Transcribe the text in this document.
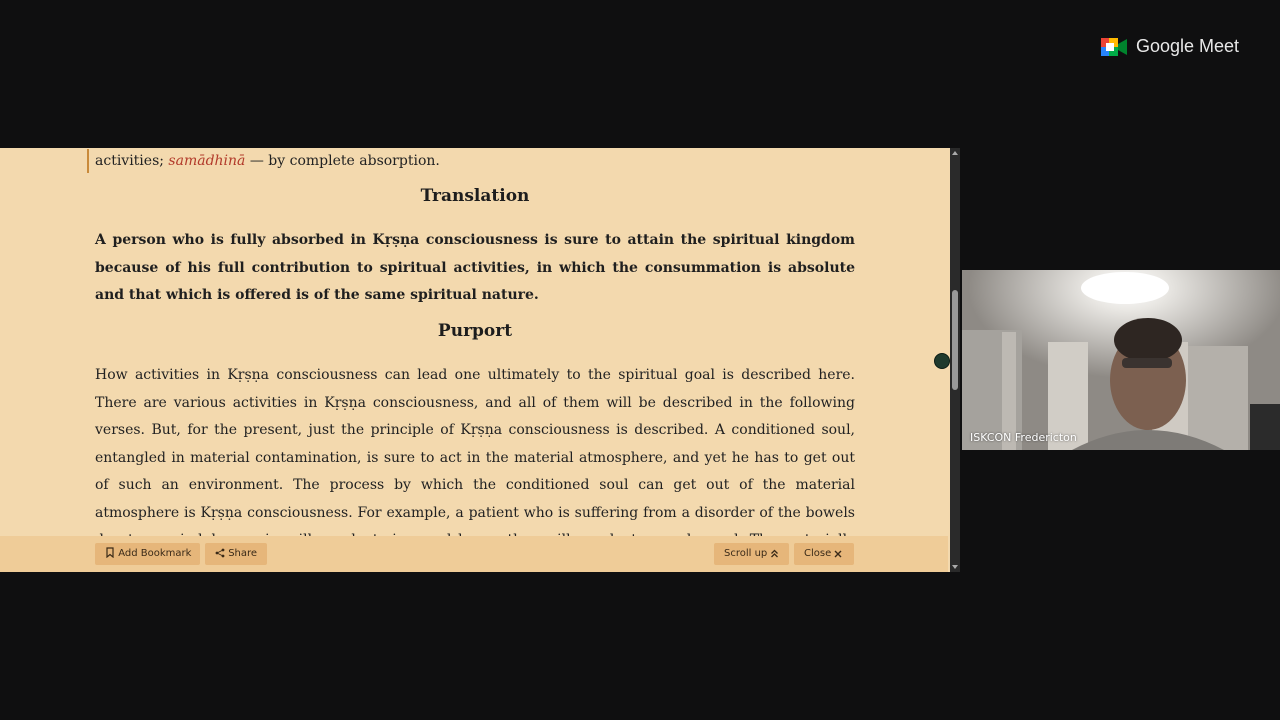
Google Meet
activities; samādhinā — by complete absorption.
Translation
A person who is fully absorbed in Kṛṣṇa consciousness is sure to attain the spiritual kingdom because of his full contribution to spiritual activities, in which the consummation is absolute and that which is offered is of the same spiritual nature.
Purport
How activities in Kṛṣṇa consciousness can lead one ultimately to the spiritual goal is described here. There are various activities in Kṛṣṇa consciousness, and all of them will be described in the following verses. But, for the present, just the principle of Kṛṣṇa consciousness is described. A conditioned soul, entangled in material contamination, is sure to act in the material atmosphere, and yet he has to get out of such an environment. The process by which the conditioned soul can get out of the material atmosphere is Kṛṣṇa consciousness. For example, a patient who is suffering from a disorder of the bowels
Add Bookmark	Share	Scroll up	Close
ISKCON Fredericton
